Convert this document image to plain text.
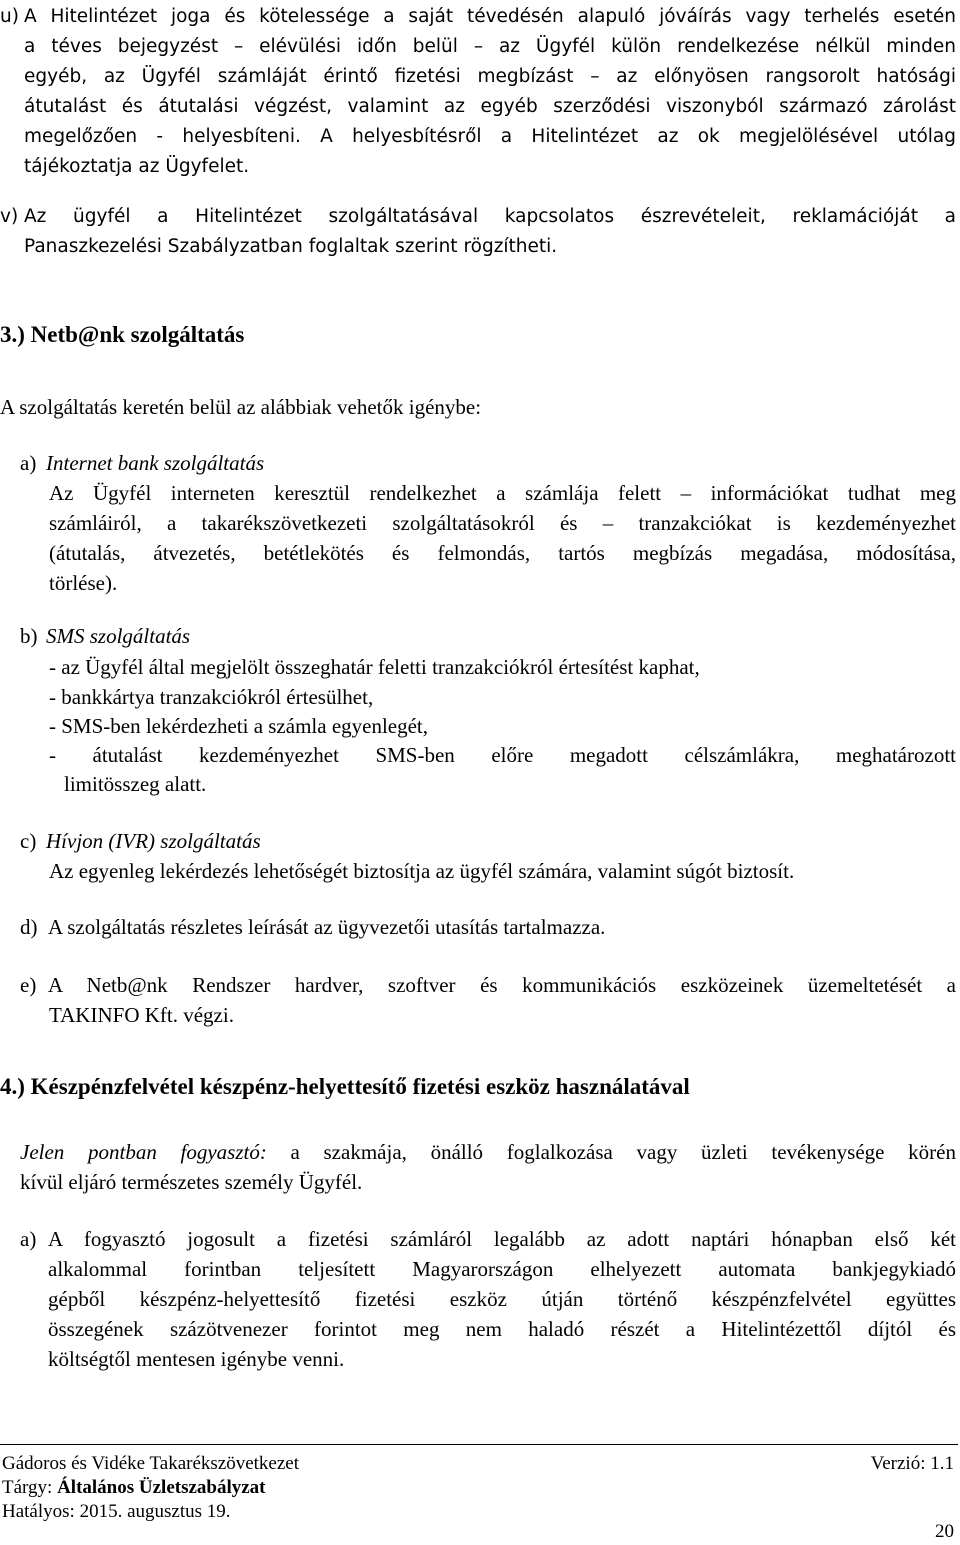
u) A Hitelintézet joga és kötelessége a saját tévedésén alapuló jóváírás vagy terhelés esetén
a téves bejegyzést – elévülési időn belül – az Ügyfél külön rendelkezése nélkül minden
egyéb, az Ügyfél számláját érintő fizetési megbízást – az előnyösen rangsorolt hatósági
átutalást és átutalási végzést, valamint az egyéb szerződési viszonyból származó zárolást
megelőzően - helyesbíteni. A helyesbítésről a Hitelintézet az ok megjelölésével utólag
tájékoztatja az Ügyfelet.
v) Az ügyfél a Hitelintézet szolgáltatásával kapcsolatos észrevételeit, reklamációját a
Panaszkezelési Szabályzatban foglaltak szerint rögzítheti.
3.) Netb@nk szolgáltatás
A szolgáltatás keretén belül az alábbiak vehetők igénybe:
a) Internet bank szolgáltatás
Az Ügyfél interneten keresztül rendelkezhet a számlája felett – információkat tudhat meg
számláiról, a takarékszövetkezeti szolgáltatásokról és – tranzakciókat is kezdeményezhet
(átutalás, átvezetés, betétlekötés és felmondás, tartós megbízás megadása, módosítása,
törlése).
b) SMS szolgáltatás
- az Ügyfél által megjelölt összeghatár feletti tranzakciókról értesítést kaphat,
- bankkártya tranzakciókról értesülhet,
- SMS-ben lekérdezheti a számla egyenlegét,
- átutalást kezdeményezhet SMS-ben előre megadott célszámlákra, meghatározott
limitösszeg alatt.
c) Hívjon (IVR) szolgáltatás
Az egyenleg lekérdezés lehetőségét biztosítja az ügyfél számára, valamint súgót biztosít.
d) A szolgáltatás részletes leírását az ügyvezetői utasítás tartalmazza.
e) A Netb@nk Rendszer hardver, szoftver és kommunikációs eszközeinek üzemeltetését a
TAKINFO Kft. végzi.
4.) Készpénzfelvétel készpénz-helyettesítő fizetési eszköz használatával
Jelen pontban fogyasztó: a szakmája, önálló foglalkozása vagy üzleti tevékenysége körén
kívül eljáró természetes személy Ügyfél.
a) A fogyasztó jogosult a fizetési számláról legalább az adott naptári hónapban első két
alkalommal forintban teljesített Magyarországon elhelyezett automata bankjegykiadó
gépből készpénz-helyettesítő fizetési eszköz útján történő készpénzfelvétel együttes
összegének százötvenezer forintot meg nem haladó részét a Hitelintézettől díjtól és
költségtől mentesen igénybe venni.
Gádoros és Vidéke Takarékszövetkezet	Verzió: 1.1
Tárgy: Általános Üzletszabályzat
Hatályos: 2015. augusztus 19.
20
